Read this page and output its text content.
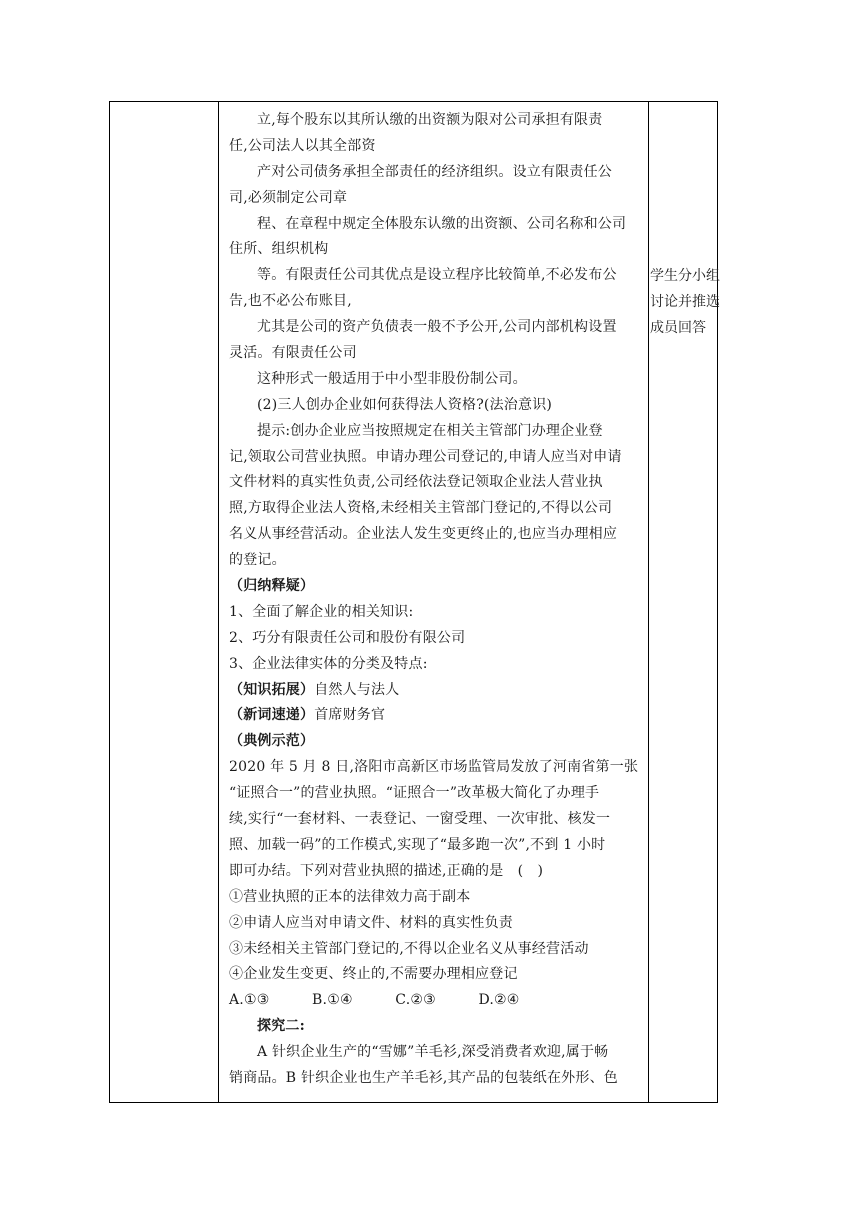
立,每个股东以其所认缴的出资额为限对公司承担有限责
任,公司法人以其全部资
产对公司债务承担全部责任的经济组织。设立有限责任公
司,必须制定公司章
程、在章程中规定全体股东认缴的出资额、公司名称和公司
住所、组织机构
等。有限责任公司其优点是设立程序比较简单,不必发布公
告,也不必公布账目,
尤其是公司的资产负债表一般不予公开,公司内部机构设置
灵活。有限责任公司
这种形式一般适用于中小型非股份制公司。
(2)三人创办企业如何获得法人资格?(法治意识)
提示:创办企业应当按照规定在相关主管部门办理企业登
记,领取公司营业执照。申请办理公司登记的,申请人应当对申请
文件材料的真实性负责,公司经依法登记领取企业法人营业执
照,方取得企业法人资格,未经相关主管部门登记的,不得以公司
名义从事经营活动。企业法人发生变更终止的,也应当办理相应
的登记。
（归纳释疑）
1、全面了解企业的相关知识:
2、巧分有限责任公司和股份有限公司
3、企业法律实体的分类及特点:
（知识拓展）自然人与法人
（新词速递）首席财务官
（典例示范）
2020 年 5 月 8 日,洛阳市高新区市场监管局发放了河南省第一张
“证照合一”的营业执照。“证照合一”改革极大简化了办理手
续,实行“一套材料、一表登记、一窗受理、一次审批、核发一
照、加载一码”的工作模式,实现了“最多跑一次”,不到 1 小时
即可办结。下列对营业执照的描述,正确的是　(　)
①营业执照的正本的法律效力高于副本
②申请人应当对申请文件、材料的真实性负责
③未经相关主管部门登记的,不得以企业名义从事经营活动
④企业发生变更、终止的,不需要办理相应登记
A.①③　　　B.①④　　　C.②③　　　D.②④
探究二:
A 针织企业生产的“雪娜”羊毛衫,深受消费者欢迎,属于畅
销商品。B 针织企业也生产羊毛衫,其产品的包装纸在外形、色
学生分小组
讨论并推选
成员回答
